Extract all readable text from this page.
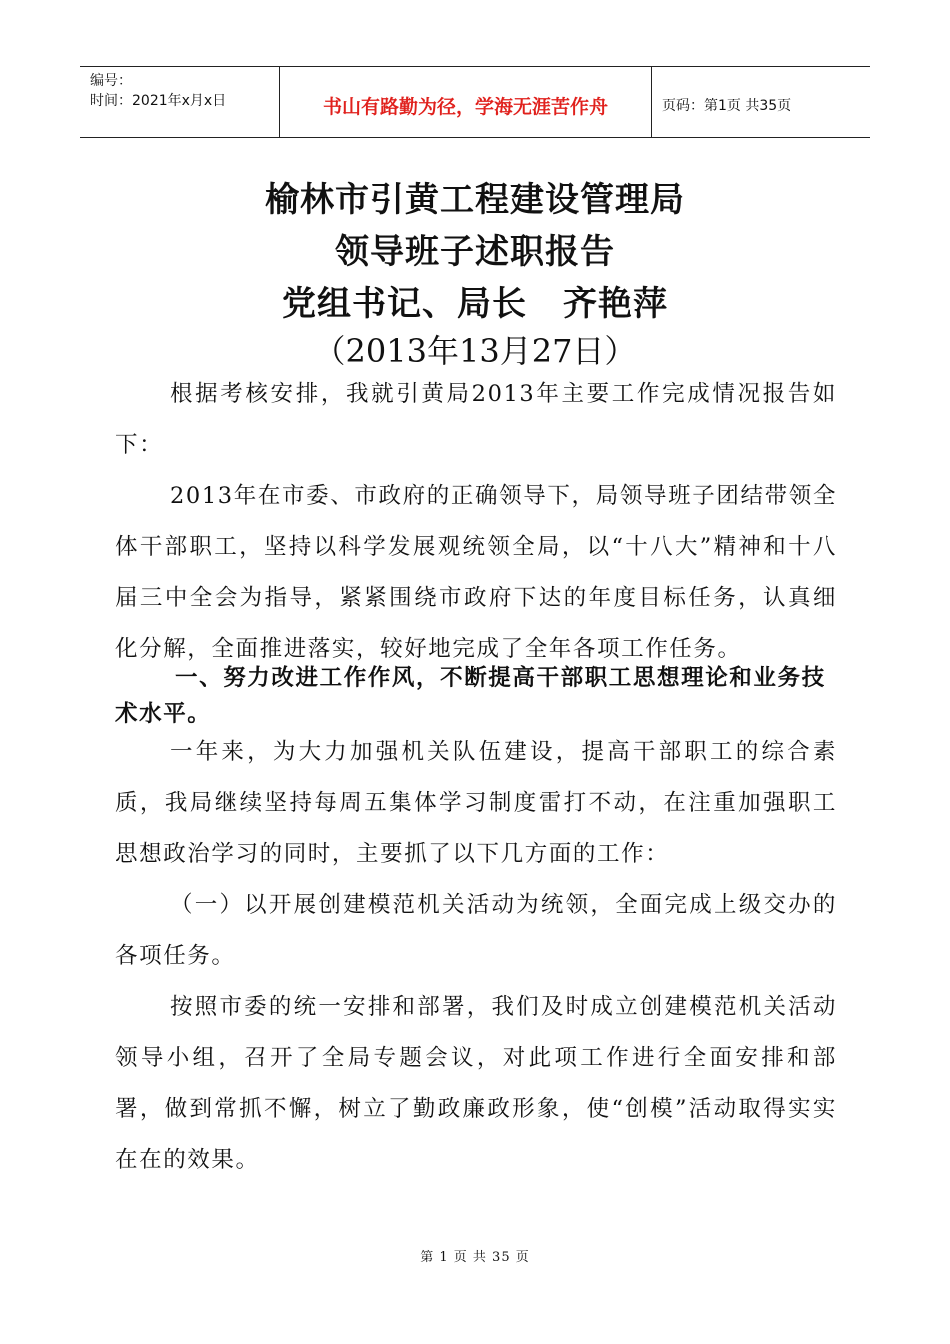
编号：
时间：2021年x月x日	书山有路勤为径，学海无涯苦作舟	页码：第1页 共35页
榆林市引黄工程建设管理局
领导班子述职报告
党组书记、局长 齐艳萍
（2013年13月27日）

根据考核安排，我就引黄局2013年主要工作完成情况报告如下：

2013年在市委、市政府的正确领导下，局领导班子团结带领全体干部职工，坚持以科学发展观统领全局，以“十八大”精神和十八届三中全会为指导，紧紧围绕市政府下达的年度目标任务，认真细化分解，全面推进落实，较好地完成了全年各项工作任务。

一、努力改进工作作风，不断提高干部职工思想理论和业务技术水平。

一年来，为大力加强机关队伍建设，提高干部职工的综合素质，我局继续坚持每周五集体学习制度雷打不动，在注重加强职工思想政治学习的同时，主要抓了以下几方面的工作：

（一）以开展创建模范机关活动为统领，全面完成上级交办的各项任务。

按照市委的统一安排和部署，我们及时成立创建模范机关活动领导小组，召开了全局专题会议，对此项工作进行全面安排和部署，做到常抓不懈，树立了勤政廉政形象，使“创模”活动取得实实在在的效果。

第 1 页 共 35 页
